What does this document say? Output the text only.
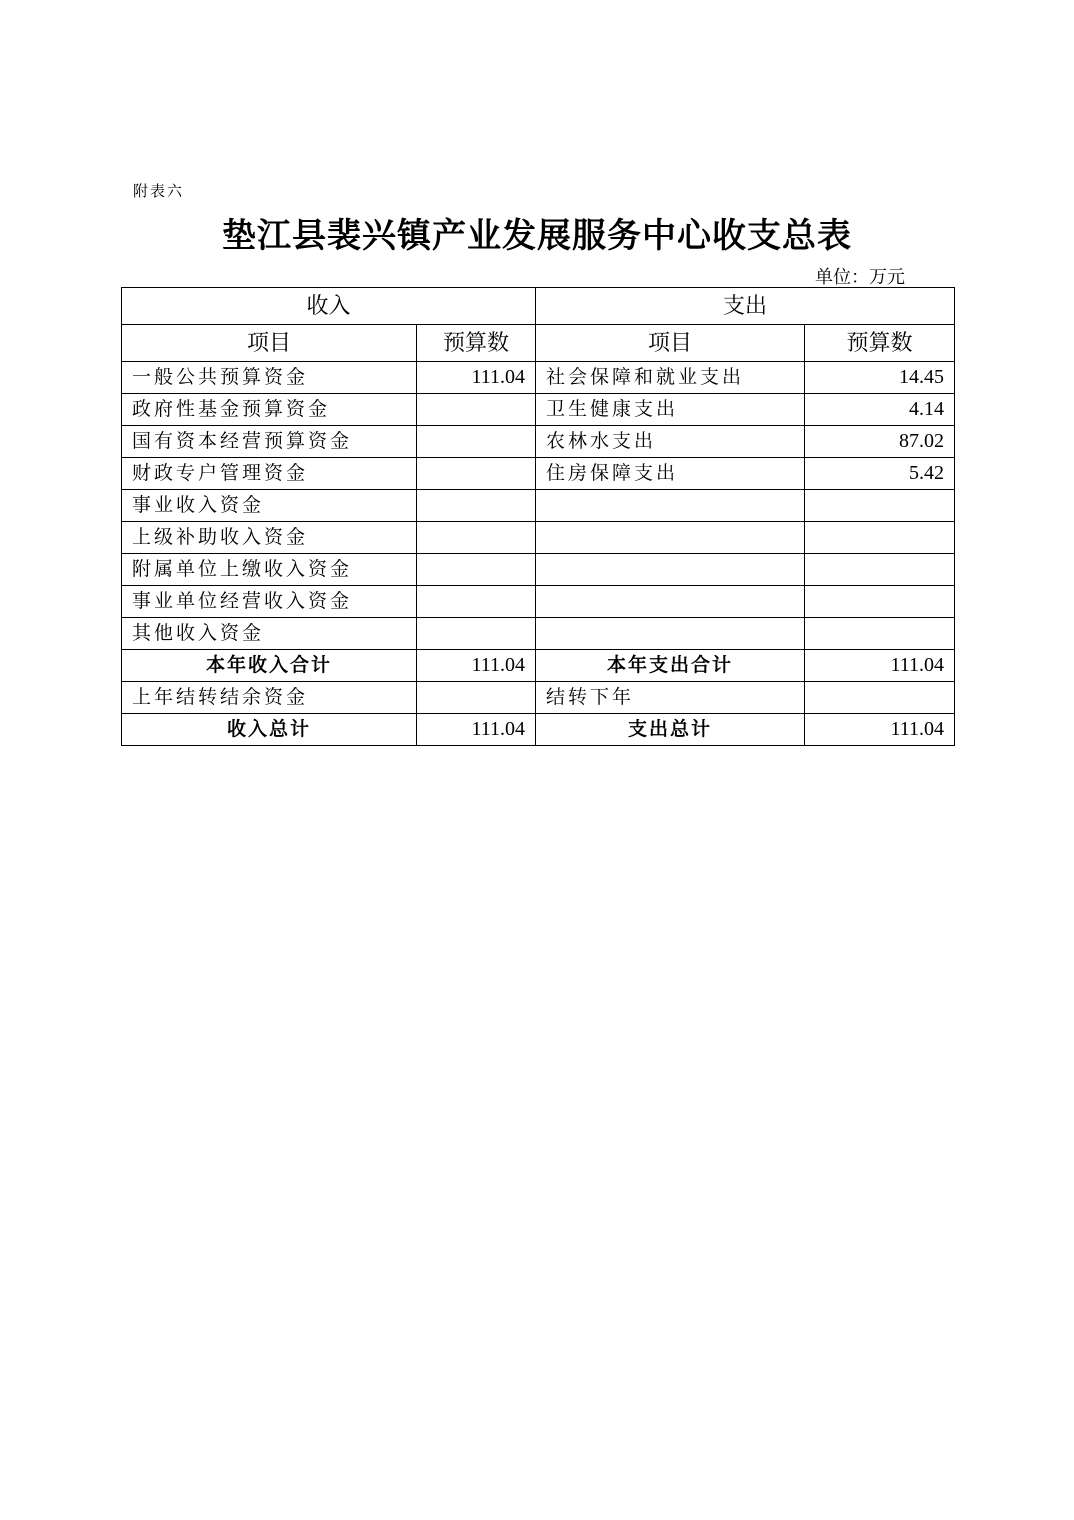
附表六
垫江县裴兴镇产业发展服务中心收支总表
单位：万元
收入		支出	
项目	预算数	项目	预算数
一般公共预算资金	111.04	社会保障和就业支出	14.45
政府性基金预算资金		卫生健康支出	4.14
国有资本经营预算资金		农林水支出	87.02
财政专户管理资金		住房保障支出	5.42
事业收入资金			
上级补助收入资金			
附属单位上缴收入资金			
事业单位经营收入资金			
其他收入资金			
本年收入合计	111.04	本年支出合计	111.04
上年结转结余资金		结转下年	
收入总计	111.04	支出总计	111.04
